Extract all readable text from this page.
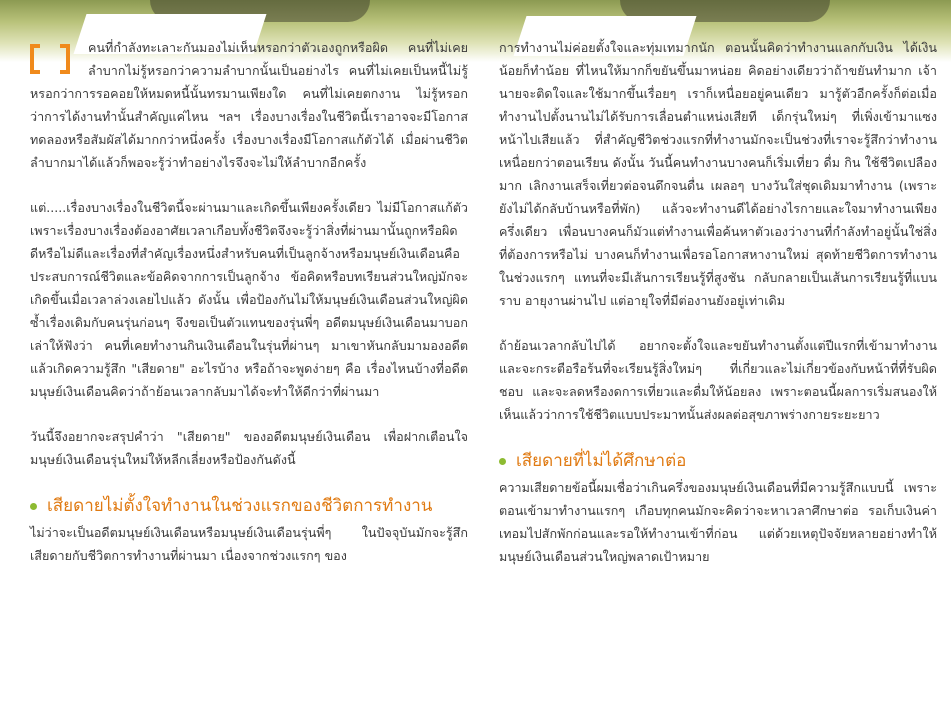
คนที่กำลังทะเลาะกันมองไม่เห็นหรอกว่าตัวเองถูกหรือผิด คนที่ไม่เคยลำบากไม่รู้หรอกว่าความลำบากนั้นเป็นอย่างไร คนที่ไม่เคยเป็นหนี้ไม่รู้หรอกว่าการรอคอยให้หมดหนี้นั้นทรมานเพียงใด คนที่ไม่เคยตกงาน ไม่รู้หรอกว่าการได้งานทำนั้นสำคัญแค่ไหน ฯลฯ เรื่องบางเรื่องในชีวิตนี้เราอาจจะมีโอกาสทดลองหรือสัมผัสได้มากกว่าหนึ่งครั้ง เรื่องบางเรื่องมีโอกาสแก้ตัวได้ เมื่อผ่านชีวิตลำบากมาได้แล้วก็พอจะรู้ว่าทำอย่างไรจึงจะไม่ให้ลำบากอีกครั้ง

แต่.....เรื่องบางเรื่องในชีวิตนี้จะผ่านมาและเกิดขึ้นเพียงครั้งเดียว ไม่มีโอกาสแก้ตัว เพราะเรื่องบางเรื่องต้องอาศัยเวลาเกือบทั้งชีวิตจึงจะรู้ว่าสิ่งที่ผ่านมานั้นถูกหรือผิด ดีหรือไม่ดีและเรื่องที่สำคัญเรื่องหนึ่งสำหรับคนที่เป็นลูกจ้างหรือมนุษย์เงินเดือนคือประสบการณ์ชีวิตและข้อคิดจากการเป็นลูกจ้าง ข้อคิดหรือบทเรียนส่วนใหญ่มักจะเกิดขึ้นเมื่อเวลาล่วงเลยไปแล้ว ดังนั้น เพื่อป้องกันไม่ให้มนุษย์เงินเดือนส่วนใหญ่ผิดซ้ำเรื่องเดิมกับคนรุ่นก่อนๆ จึงขอเป็นตัวแทนของรุ่นพี่ๆ อดีตมนุษย์เงินเดือนมาบอกเล่าให้ฟังว่า คนที่เคยทำงานกินเงินเดือนในรุ่นที่ผ่านๆ มาเขาหันกลับมามองอดีตแล้วเกิดความรู้สึก "เสียดาย" อะไรบ้าง หรือถ้าจะพูดง่ายๆ คือ เรื่องไหนบ้างที่อดีตมนุษย์เงินเดือนคิดว่าถ้าย้อนเวลากลับมาได้จะทำให้ดีกว่าที่ผ่านมา

วันนี้จึงอยากจะสรุปคำว่า "เสียดาย" ของอดีตมนุษย์เงินเดือน เพื่อฝากเตือนใจมนุษย์เงินเดือนรุ่นใหม่ให้หลีกเลี่ยงหรือป้องกันดังนี้

เสียดายไม่ตั้งใจทำงานในช่วงแรกของชีวิตการทำงาน

ไม่ว่าจะเป็นอดีตมนุษย์เงินเดือนหรือมนุษย์เงินเดือนรุ่นพี่ๆ ในปัจจุบันมักจะรู้สึกเสียดายกับชีวิตการทำงานที่ผ่านมา เนื่องจากช่วงแรกๆ ของ

การทำงานไม่ค่อยตั้งใจและทุ่มเทมากนัก ตอนนั้นคิดว่าทำงานแลกกับเงิน ได้เงินน้อยก็ทำน้อย ที่ไหนให้มากก็ขยันขึ้นมาหน่อย คิดอย่างเดียวว่าถ้าขยันทำมาก เจ้านายจะติดใจและใช้มากขึ้นเรื่อยๆ เราก็เหนื่อยอยู่คนเดียว มารู้ตัวอีกครั้งก็ต่อเมื่อทำงานไปตั้งนานไม่ได้รับการเลื่อนตำแหน่งเสียที เด็กรุ่นใหม่ๆ ที่เพิ่งเข้ามาแซงหน้าไปเสียแล้ว ที่สำคัญชีวิตช่วงแรกที่ทำงานมักจะเป็นช่วงที่เราจะรู้สึกว่าทำงานเหนื่อยกว่าตอนเรียน ดังนั้น วันนี้คนทำงานบางคนก็เริ่มเที่ยว ดื่ม กิน ใช้ชีวิตเปลืองมาก เลิกงานเสร็จเที่ยวต่อจนดึกจนดื่น เผลอๆ บางวันใส่ชุดเดิมมาทำงาน (เพราะยังไม่ได้กลับบ้านหรือที่พัก) แล้วจะทำงานดีได้อย่างไรกายและใจมาทำงานเพียงครึ่งเดียว เพื่อนบางคนก็มัวแต่ทำงานเพื่อค้นหาตัวเองว่างานที่กำลังทำอยู่นั้นใช่สิ่งที่ต้องการหรือไม่ บางคนก็ทำงานเพื่อรอโอกาสหางานใหม่ สุดท้ายชีวิตการทำงานในช่วงแรกๆ แทนที่จะมีเส้นการเรียนรู้ที่สูงชัน กลับกลายเป็นเส้นการเรียนรู้ที่แบนราบ อายุงานผ่านไป แต่อายุใจที่มีต่องานยังอยู่เท่าเดิม

ถ้าย้อนเวลากลับไปได้ อยากจะตั้งใจและขยันทำงานตั้งแต่ปีแรกที่เข้ามาทำงาน และจะกระตือรือร้นที่จะเรียนรู้สิ่งใหม่ๆ ที่เกี่ยวและไม่เกี่ยวข้องกับหน้าที่ที่รับผิดชอบ และจะลดหรืองดการเที่ยวและดื่มให้น้อยลง เพราะตอนนี้ผลการเริ่มสนองให้เห็นแล้วว่าการใช้ชีวิตแบบประมาทนั้นส่งผลต่อสุขภาพร่างกายระยะยาว

เสียดายที่ไม่ได้ศึกษาต่อ

ความเสียดายข้อนี้ผมเชื่อว่าเกินครึ่งของมนุษย์เงินเดือนที่มีความรู้สึกแบบนี้ เพราะตอนเข้ามาทำงานแรกๆ เกือบทุกคนมักจะคิดว่าจะหาเวลาศึกษาต่อ รอเก็บเงินค่าเทอมไปสักพักก่อนและรอให้ทำงานเข้าที่ก่อน แต่ด้วยเหตุปัจจัยหลายอย่างทำให้มนุษย์เงินเดือนส่วนใหญ่พลาดเป้าหมาย
